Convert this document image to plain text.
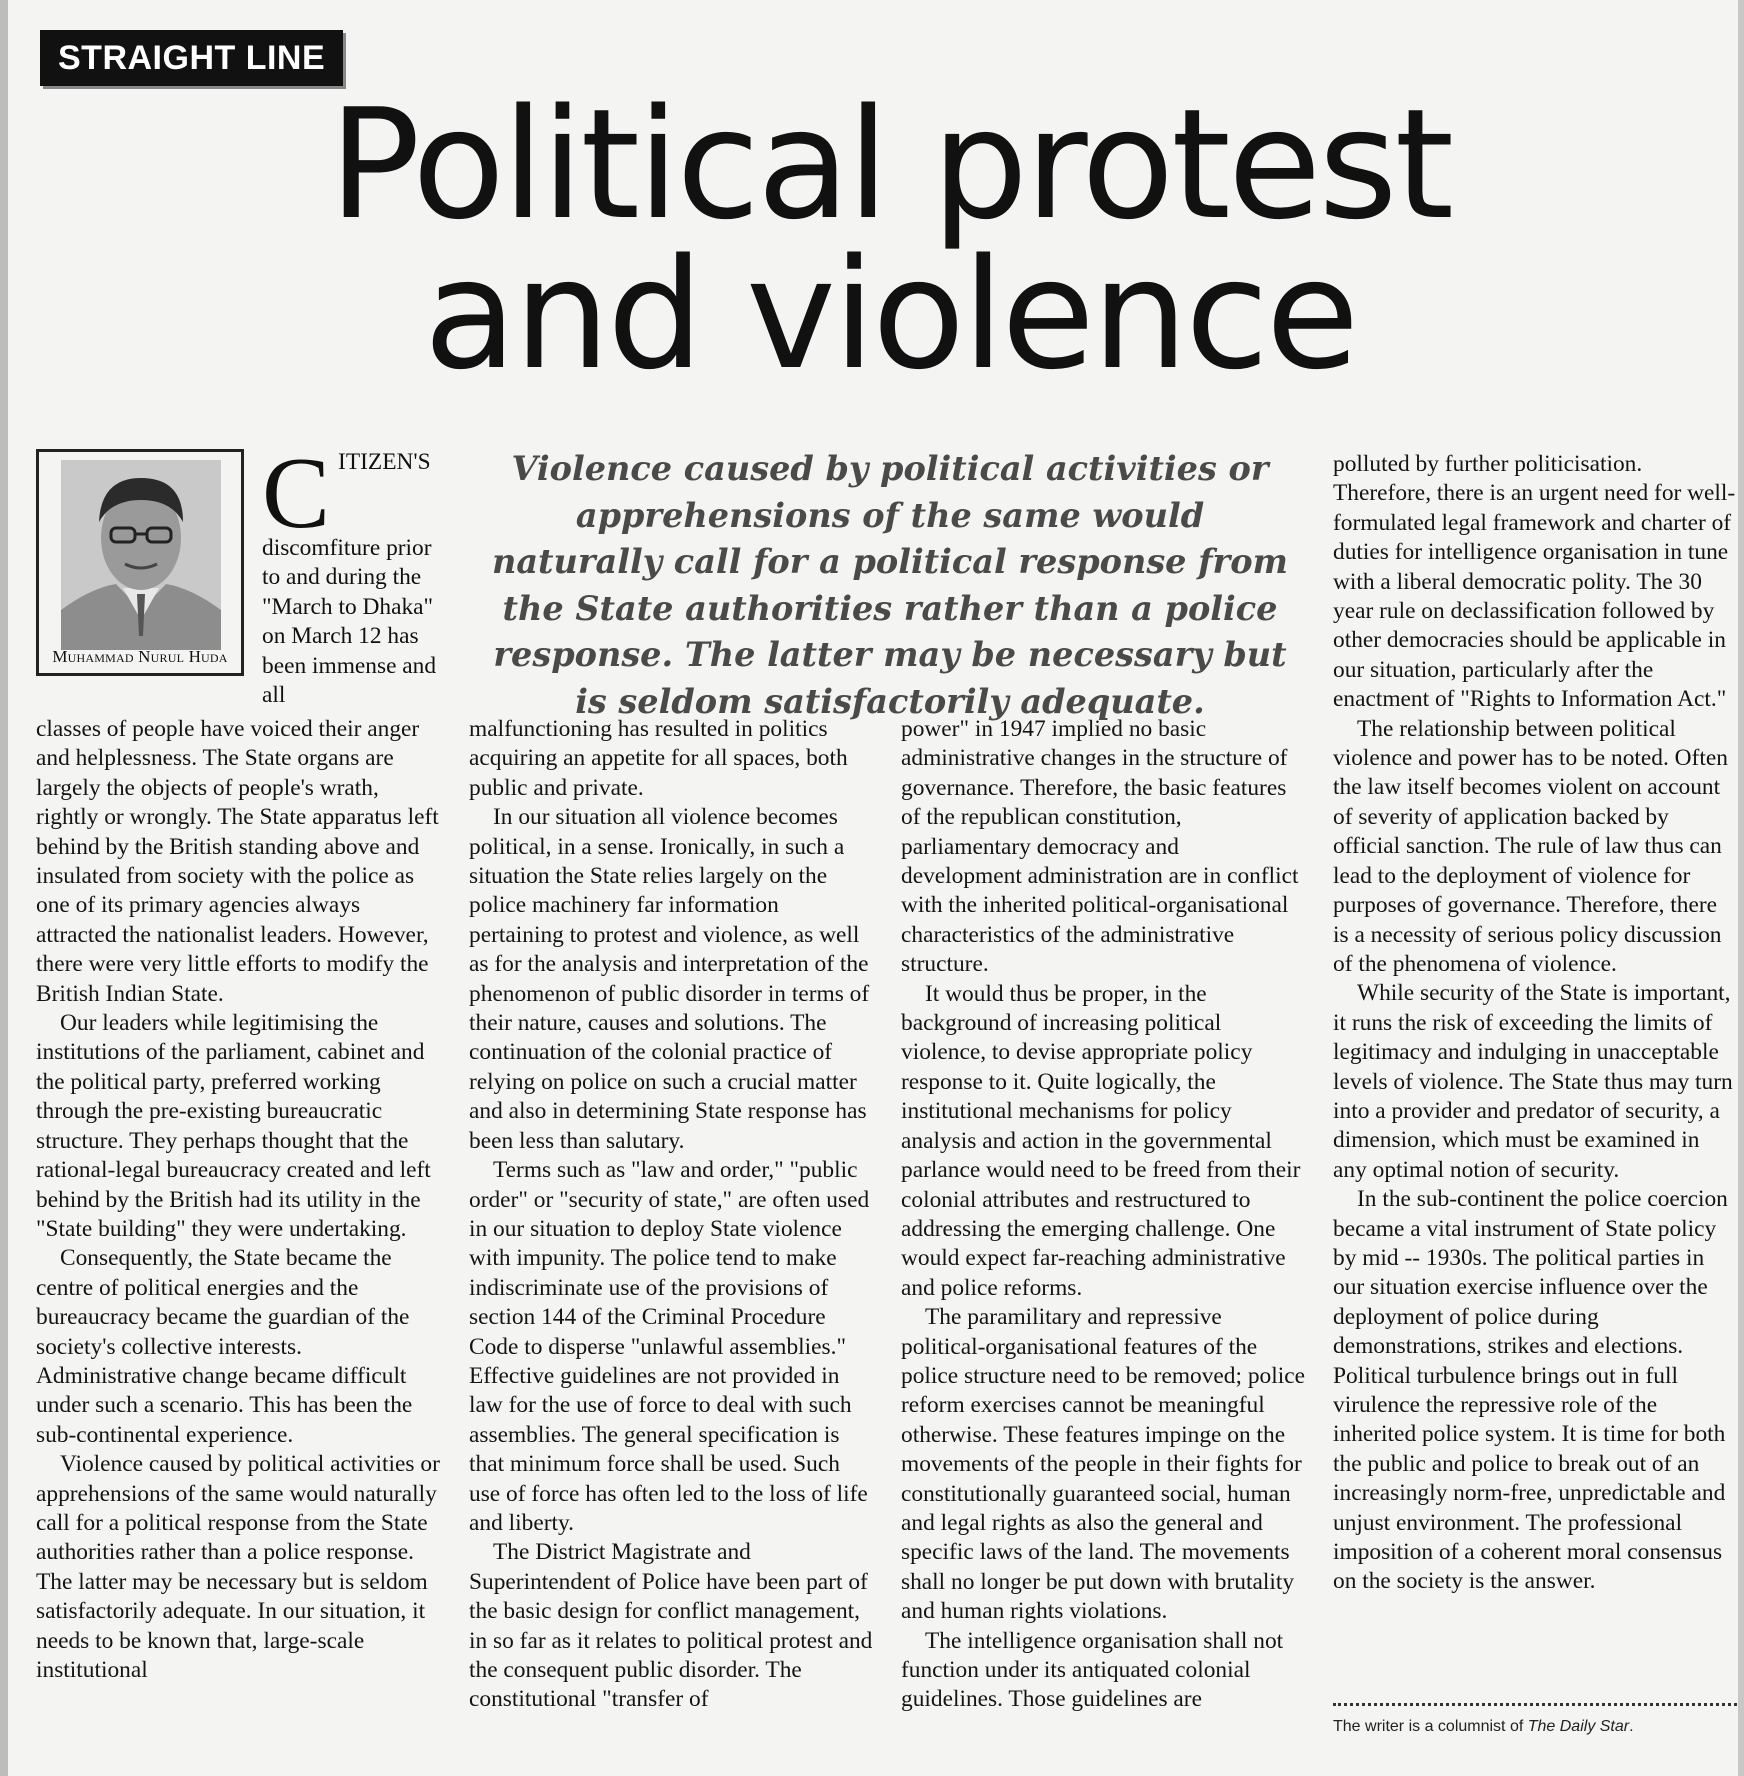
STRAIGHT LINE
Political protest
and violence
Muhammad Nurul Huda
CITIZEN'S discomfiture prior to and during the "March to Dhaka" on March 12 has been immense and all

Violence caused by political activities or apprehensions of the same would naturally call for a political response from the State authorities rather than a police response. The latter may be necessary but is seldom satisfactorily adequate.

classes of people have voiced their anger and helplessness. The State organs are largely the objects of people's wrath, rightly or wrongly. The State apparatus left behind by the British standing above and insulated from society with the police as one of its primary agencies always attracted the nationalist leaders. However, there were very little efforts to modify the British Indian State.

Our leaders while legitimising the institutions of the parliament, cabinet and the political party, preferred working through the pre-existing bureaucratic structure. They perhaps thought that the rational-legal bureaucracy created and left behind by the British had its utility in the "State building" they were undertaking.

Consequently, the State became the centre of political energies and the bureaucracy became the guardian of the society's collective interests. Administrative change became difficult under such a scenario. This has been the sub-continental experience.

Violence caused by political activities or apprehensions of the same would naturally call for a political response from the State authorities rather than a police response. The latter may be necessary but is seldom satisfactorily adequate. In our situation, it needs to be known that, large-scale institutional

malfunctioning has resulted in politics acquiring an appetite for all spaces, both public and private.

In our situation all violence becomes political, in a sense. Ironically, in such a situation the State relies largely on the police machinery far information pertaining to protest and violence, as well as for the analysis and interpretation of the phenomenon of public disorder in terms of their nature, causes and solutions. The continuation of the colonial practice of relying on police on such a crucial matter and also in determining State response has been less than salutary.

Terms such as "law and order," "public order" or "security of state," are often used in our situation to deploy State violence with impunity. The police tend to make indiscriminate use of the provisions of section 144 of the Criminal Procedure Code to disperse "unlawful assemblies." Effective guidelines are not provided in law for the use of force to deal with such assemblies. The general specification is that minimum force shall be used. Such use of force has often led to the loss of life and liberty.

The District Magistrate and Superintendent of Police have been part of the basic design for conflict management, in so far as it relates to political protest and the consequent public disorder. The constitutional "transfer of

power" in 1947 implied no basic administrative changes in the structure of governance. Therefore, the basic features of the republican constitution, parliamentary democracy and development administration are in conflict with the inherited political-organisational characteristics of the administrative structure.

It would thus be proper, in the background of increasing political violence, to devise appropriate policy response to it. Quite logically, the institutional mechanisms for policy analysis and action in the governmental parlance would need to be freed from their colonial attributes and restructured to addressing the emerging challenge. One would expect far-reaching administrative and police reforms.

The paramilitary and repressive political-organisational features of the police structure need to be removed; police reform exercises cannot be meaningful otherwise. These features impinge on the movements of the people in their fights for constitutionally guaranteed social, human and legal rights as also the general and specific laws of the land. The movements shall no longer be put down with brutality and human rights violations.

The intelligence organisation shall not function under its antiquated colonial guidelines. Those guidelines are

polluted by further politicisation. Therefore, there is an urgent need for well-formulated legal framework and charter of duties for intelligence organisation in tune with a liberal democratic polity. The 30 year rule on declassification followed by other democracies should be applicable in our situation, particularly after the enactment of "Rights to Information Act."

The relationship between political violence and power has to be noted. Often the law itself becomes violent on account of severity of application backed by official sanction. The rule of law thus can lead to the deployment of violence for purposes of governance. Therefore, there is a necessity of serious policy discussion of the phenomena of violence.

While security of the State is important, it runs the risk of exceeding the limits of legitimacy and indulging in unacceptable levels of violence. The State thus may turn into a provider and predator of security, a dimension, which must be examined in any optimal notion of security.

In the sub-continent the police coercion became a vital instrument of State policy by mid -- 1930s. The political parties in our situation exercise influence over the deployment of police during demonstrations, strikes and elections. Political turbulence brings out in full virulence the repressive role of the inherited police system. It is time for both the public and police to break out of an increasingly norm-free, unpredictable and unjust environment. The professional imposition of a coherent moral consensus on the society is the answer.

The writer is a columnist of The Daily Star.
